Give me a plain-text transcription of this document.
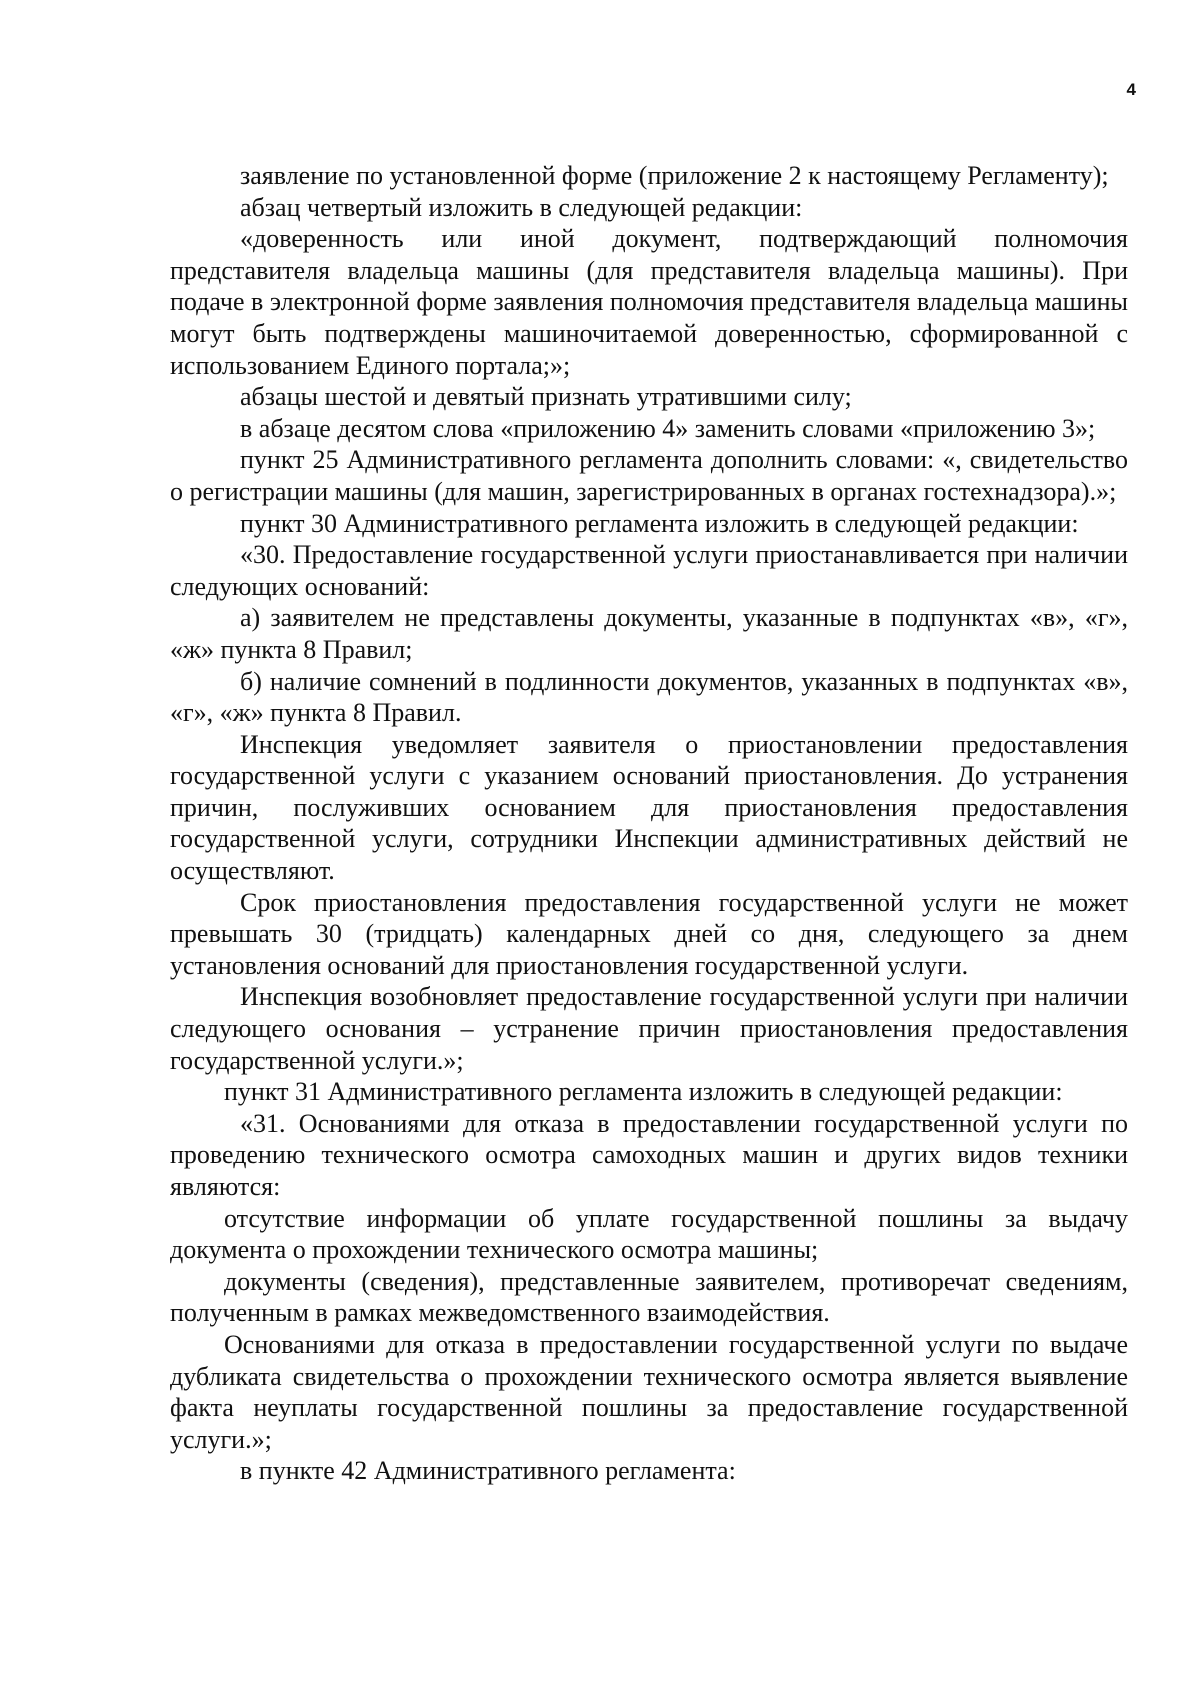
4

заявление по установленной форме (приложение 2 к настоящему Регламенту);

абзац четвертый изложить в следующей редакции:

«доверенность или иной документ, подтверждающий полномочия представителя владельца машины (для представителя владельца машины). При подаче в электронной форме заявления полномочия представителя владельца машины могут быть подтверждены машиночитаемой доверенностью, сформированной с использованием Единого портала;»;

абзацы шестой и девятый признать утратившими силу;

в абзаце десятом слова «приложению 4» заменить словами «приложению 3»;

пункт 25 Административного регламента дополнить словами: «, свидетельство о регистрации машины (для машин, зарегистрированных в органах гостехнадзора).»;

пункт 30 Административного регламента изложить в следующей редакции:

«30. Предоставление государственной услуги приостанавливается при наличии следующих оснований:

а) заявителем не представлены документы, указанные в подпунктах «в», «г», «ж» пункта 8 Правил;

б) наличие сомнений в подлинности документов, указанных в подпунктах «в», «г», «ж» пункта 8 Правил.

Инспекция уведомляет заявителя о приостановлении предоставления государственной услуги с указанием оснований приостановления. До устранения причин, послуживших основанием для приостановления предоставления государственной услуги, сотрудники Инспекции административных действий не осуществляют.

Срок приостановления предоставления государственной услуги не может превышать 30 (тридцать) календарных дней со дня, следующего за днем установления оснований для приостановления государственной услуги.

Инспекция возобновляет предоставление государственной услуги при наличии следующего основания – устранение причин приостановления предоставления государственной услуги.»;

пункт 31 Административного регламента изложить в следующей редакции:

«31. Основаниями для отказа в предоставлении государственной услуги по проведению технического осмотра самоходных машин и других видов техники являются:

отсутствие информации об уплате государственной пошлины за выдачу документа о прохождении технического осмотра машины;

документы (сведения), представленные заявителем, противоречат сведениям, полученным в рамках межведомственного взаимодействия.

Основаниями для отказа в предоставлении государственной услуги по выдаче дубликата свидетельства о прохождении технического осмотра является выявление факта неуплаты государственной пошлины за предоставление государственной услуги.»;

в пункте 42 Административного регламента:
